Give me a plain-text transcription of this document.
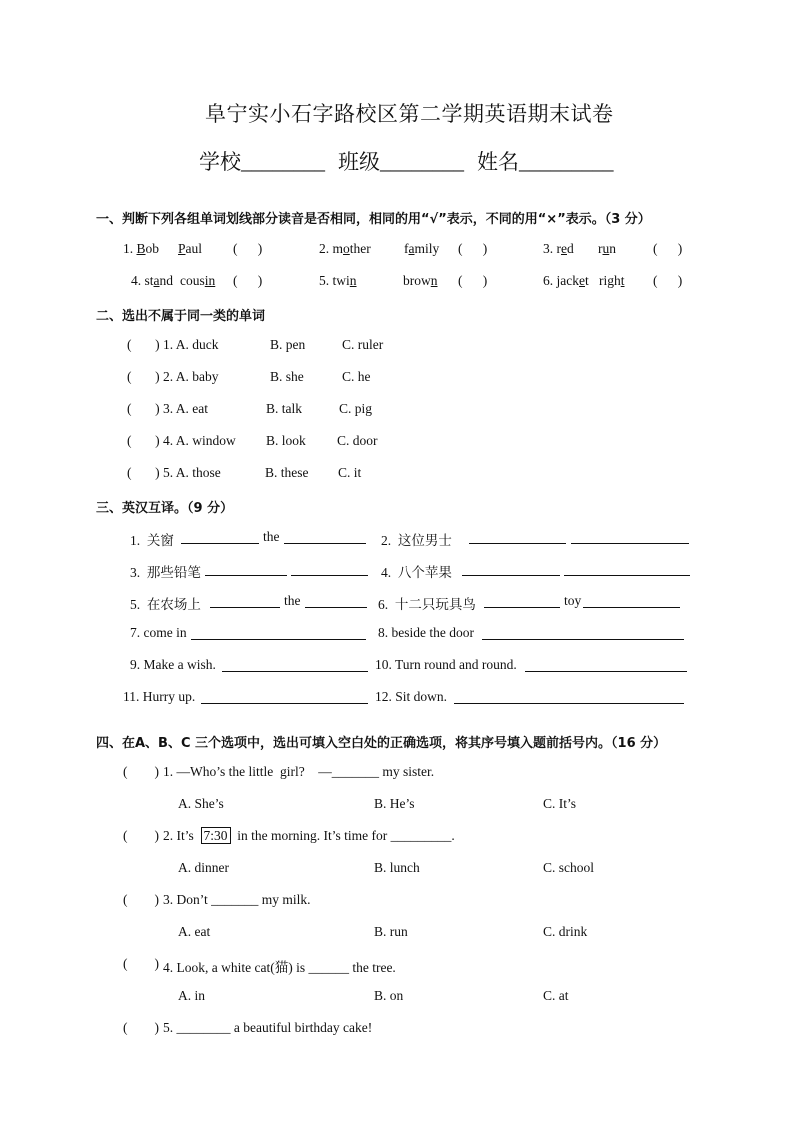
阜宁实小石字路校区第二学期英语期末试卷
学校________ 班级________ 姓名_________
一、判断下列各组单词划线部分读音是否相同，相同的用“√”表示，不同的用“×”表示。（3 分）
1. Bob Paul (      )	2. mother family (      )	3. red run	(      )
4. stand cousin (      )	5. twin	brown (      )	6. jacket right (      )
二、选出不属于同一类的单词
(       ) 1. A. duck	B. pen	C. ruler
(       ) 2. A. baby	B. she	C. he
(       ) 3. A. eat	B. talk	C. pig
(       ) 4. A. window B. look C. door
(       ) 5. A. those	B. these C. it
三、英汉互译。（9 分）
1.  关窗	the	2.  这位男士
3.  那些铅笔	4.  八个苹果
5.  在农场上	the	6.  十二只玩具鸟	toy
7. come in	8. beside the door
9. Make a wish.	10. Turn round and round.
11. Hurry up.	12. Sit down.
四、在A、B、C 三个选项中，选出可填入空白处的正确选项，将其序号填入题前括号内。（16 分）
(        ) 1. —Who’s the little  girl?    —_______ my sister.
A. She’s	B. He’s	C. It’s
(        ) 2. It’s 7:30 in the morning. It’s time for _________.
A. dinner	B. lunch	C. school
(        ) 3. Don’t _______ my milk.
A. eat	B. run	C. drink
(        ) 4. Look, a white cat(猫) is ______ the tree.
A. in	B. on	C. at
(        ) 5. ________ a beautiful birthday cake!
